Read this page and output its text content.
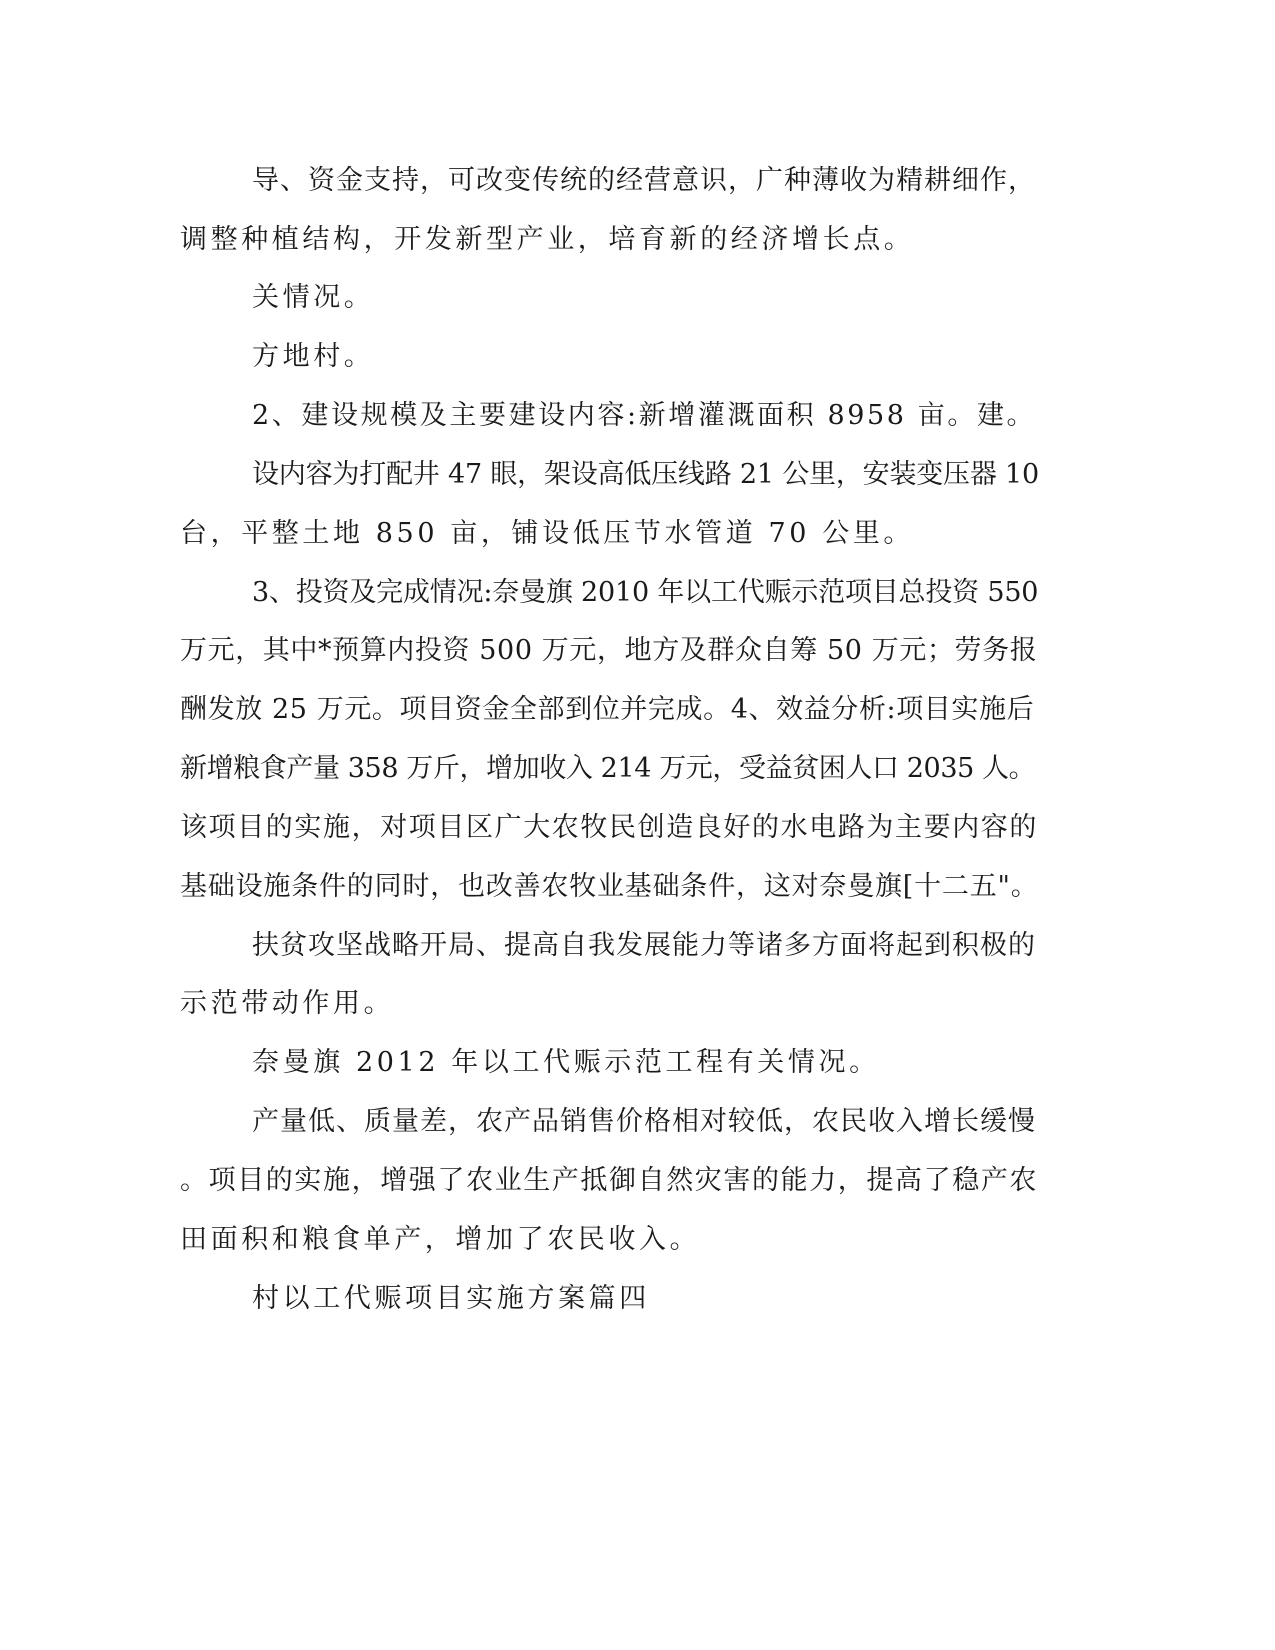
导、资金支持，可改变传统的经营意识，广种薄收为精耕细作，
调整种植结构，开发新型产业，培育新的经济增长点。
关情况。
方地村。
2、建设规模及主要建设内容:新增灌溉面积 8958 亩。建。
设内容为打配井 47 眼，架设高低压线路 21 公里，安装变压器 10
台，平整土地 850 亩，铺设低压节水管道 70 公里。
3、投资及完成情况:奈曼旗 2010 年以工代赈示范项目总投资 550
万元，其中*预算内投资 500 万元，地方及群众自筹 50 万元；劳务报
酬发放 25 万元。项目资金全部到位并完成。4、效益分析:项目实施后
新增粮食产量 358 万斤，增加收入 214 万元，受益贫困人口 2035 人。
该项目的实施，对项目区广大农牧民创造良好的水电路为主要内容的
基础设施条件的同时，也改善农牧业基础条件，这对奈曼旗[十二五"。
扶贫攻坚战略开局、提高自我发展能力等诸多方面将起到积极的
示范带动作用。
奈曼旗 2012 年以工代赈示范工程有关情况。
产量低、质量差，农产品销售价格相对较低，农民收入增长缓慢
。项目的实施，增强了农业生产抵御自然灾害的能力，提高了稳产农
田面积和粮食单产，增加了农民收入。
村以工代赈项目实施方案篇四
